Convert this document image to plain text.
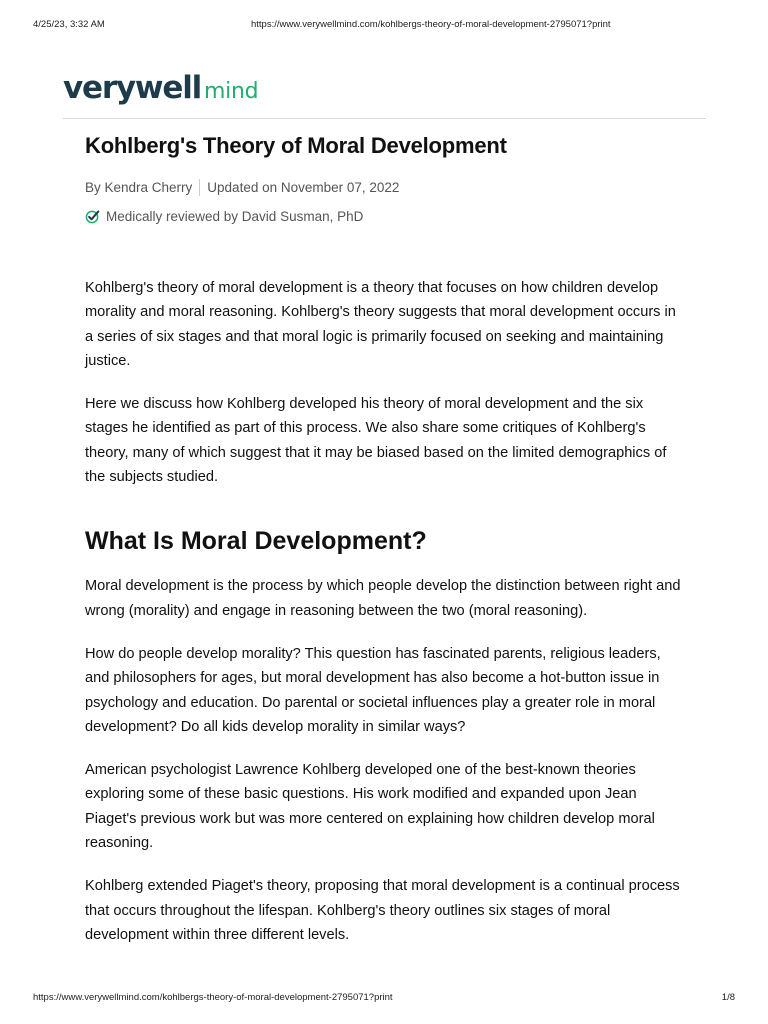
4/25/23, 3:32 AM	https://www.verywellmind.com/kohlbergs-theory-of-moral-development-2795071?print
verywell mind
Kohlberg's Theory of Moral Development
By Kendra Cherry Updated on November 07, 2022
Medically reviewed by David Susman, PhD

Kohlberg's theory of moral development is a theory that focuses on how children develop morality and moral reasoning. Kohlberg's theory suggests that moral development occurs in a series of six stages and that moral logic is primarily focused on seeking and maintaining justice.

Here we discuss how Kohlberg developed his theory of moral development and the six stages he identified as part of this process. We also share some critiques of Kohlberg's theory, many of which suggest that it may be biased based on the limited demographics of the subjects studied.

What Is Moral Development?

Moral development is the process by which people develop the distinction between right and wrong (morality) and engage in reasoning between the two (moral reasoning).

How do people develop morality? This question has fascinated parents, religious leaders, and philosophers for ages, but moral development has also become a hot-button issue in psychology and education. Do parental or societal influences play a greater role in moral development? Do all kids develop morality in similar ways?

American psychologist Lawrence Kohlberg developed one of the best-known theories exploring some of these basic questions. His work modified and expanded upon Jean Piaget's previous work but was more centered on explaining how children develop moral reasoning.

Kohlberg extended Piaget's theory, proposing that moral development is a continual process that occurs throughout the lifespan. Kohlberg's theory outlines six stages of moral development within three different levels.

https://www.verywellmind.com/kohlbergs-theory-of-moral-development-2795071?print	1/8
